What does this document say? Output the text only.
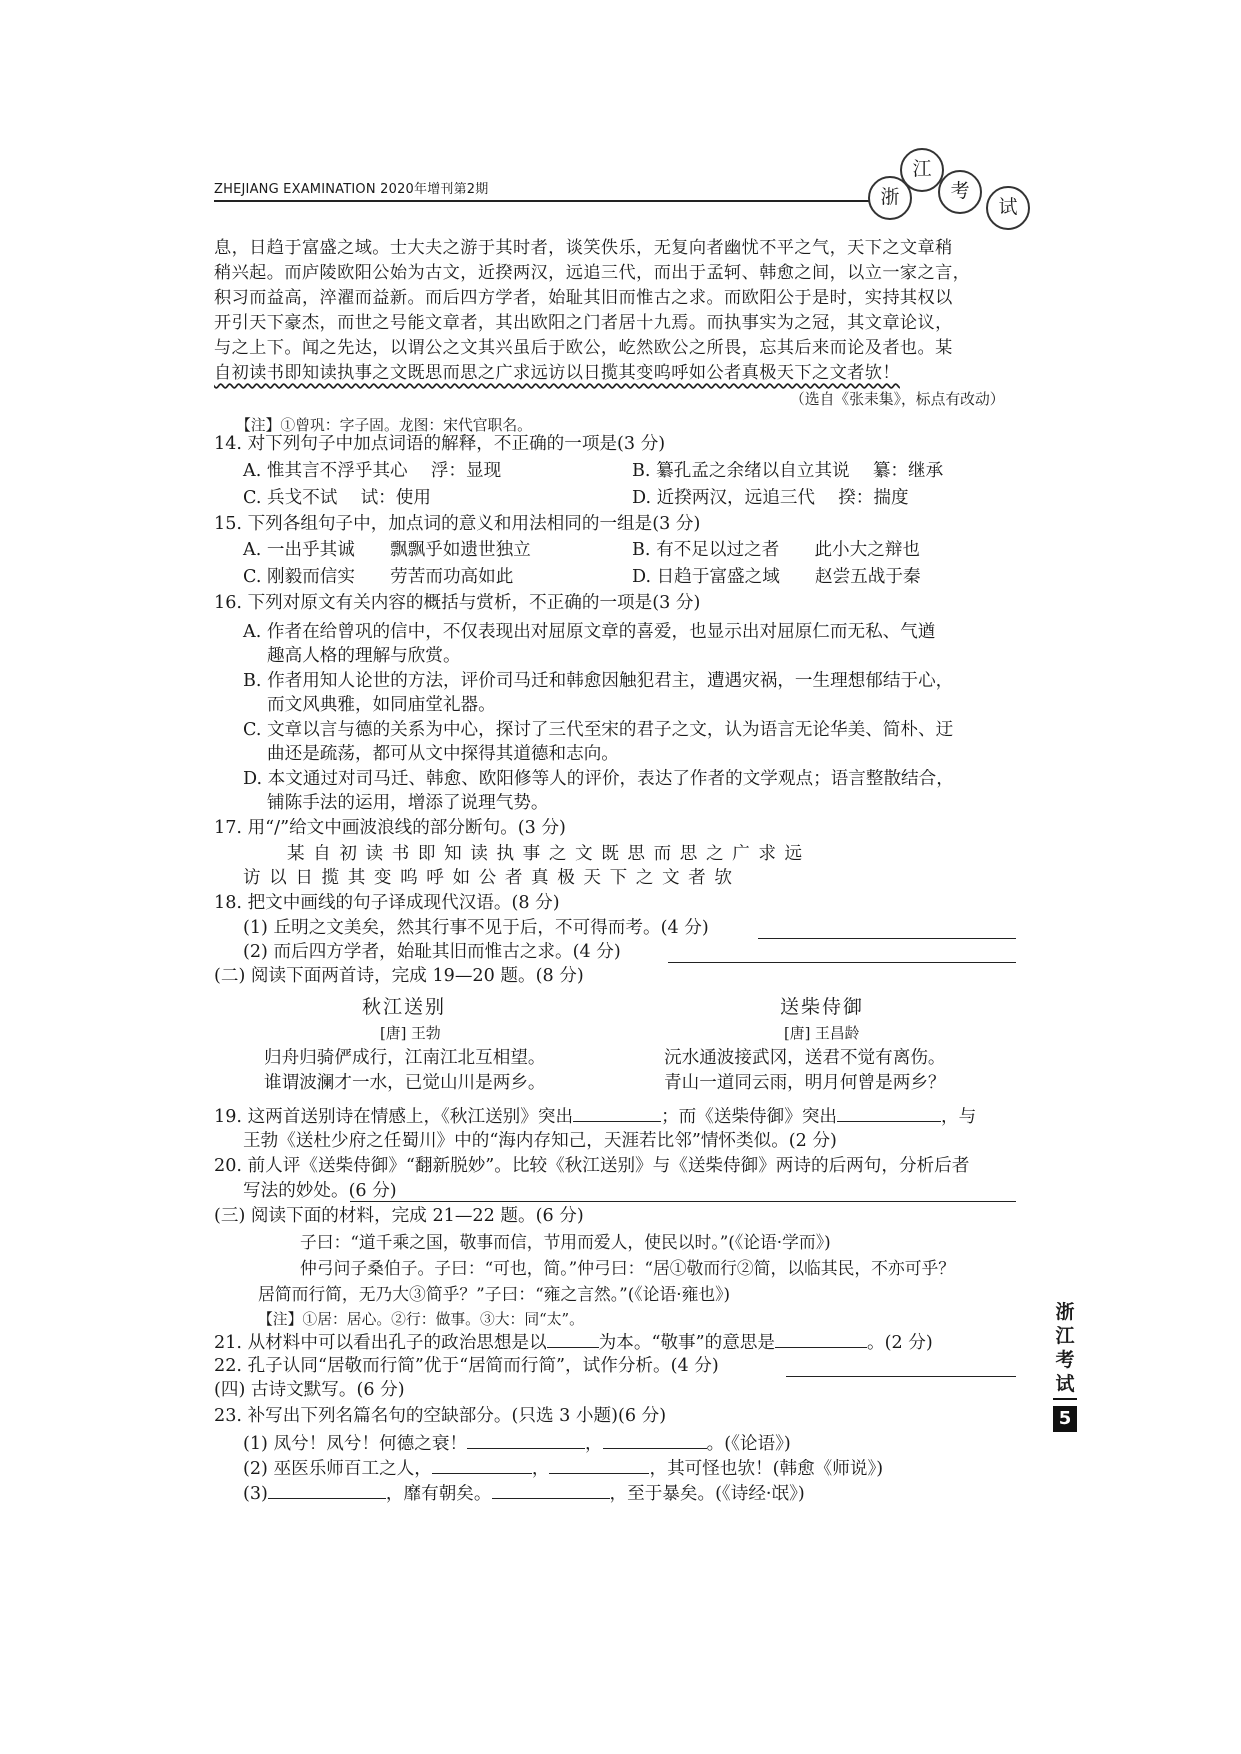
ZHEJIANG EXAMINATION 2020年增刊第2期	浙
江
考
试
息，日趋于富盛之域。士大夫之游于其时者，谈笑佚乐，无复向者幽忧不平之气，天下之文章稍
稍兴起。而庐陵欧阳公始为古文，近揆两汉，远追三代，而出于孟轲、韩愈之间，以立一家之言，
积习而益高，淬濯而益新。而后四方学者，始耻其旧而惟古之求。而欧阳公于是时，实持其权以
开引天下豪杰，而世之号能文章者，其出欧阳之门者居十九焉。而执事实为之冠，其文章论议，
与之上下。闻之先达，以谓公之文其兴虽后于欧公，屹然欧公之所畏，忘其后来而论及者也。某
自初读书即知读执事之文既思而思之广求远访以日揽其变呜呼如公者真极天下之文者欤！
（选自《张耒集》，标点有改动）
【注】①曾巩：字子固。龙图：宋代官职名。
14. 对下列句子中加点词语的解释，不正确的一项是(3 分)
A. 惟其言不浮乎其心　 浮：显现	B. 纂孔孟之余绪以自立其说　 纂：继承
C. 兵戈不试　 试：使用	D. 近揆两汉，远追三代　 揆：揣度
15. 下列各组句子中，加点词的意义和用法相同的一组是(3 分)
A. 一出乎其诚　　飘飘乎如遗世独立	B. 有不足以过之者　　此小大之辩也
C. 刚毅而信实　　劳苦而功高如此	D. 日趋于富盛之域　　赵尝五战于秦
16. 下列对原文有关内容的概括与赏析，不正确的一项是(3 分)
A. 作者在给曾巩的信中，不仅表现出对屈原文章的喜爱，也显示出对屈原仁而无私、气遒
趣高人格的理解与欣赏。
B. 作者用知人论世的方法，评价司马迁和韩愈因触犯君主，遭遇灾祸，一生理想郁结于心，
而文风典雅，如同庙堂礼器。
C. 文章以言与德的关系为中心，探讨了三代至宋的君子之文，认为语言无论华美、简朴、迂
曲还是疏荡，都可从文中探得其道德和志向。
D. 本文通过对司马迁、韩愈、欧阳修等人的评价，表达了作者的文学观点；语言整散结合，
铺陈手法的运用，增添了说理气势。
17. 用“/”给文中画波浪线的部分断句。(3 分)
某 自 初 读 书 即 知 读 执 事 之 文 既 思 而 思 之 广 求 远
访 以 日 揽 其 变 呜 呼 如 公 者 真 极 天 下 之 文 者 欤
18. 把文中画线的句子译成现代汉语。(8 分)
(1) 丘明之文美矣，然其行事不见于后，不可得而考。(4 分)
(2) 而后四方学者，始耻其旧而惟古之求。(4 分)
(二) 阅读下面两首诗，完成 19—20 题。(8 分)
秋江送别	送柴侍御
[唐] 王勃	[唐] 王昌龄
归舟归骑俨成行，江南江北互相望。
谁谓波澜才一水，已觉山川是两乡。
沅水通波接武冈，送君不觉有离伤。
青山一道同云雨，明月何曾是两乡？
19. 这两首送别诗在情感上，《秋江送别》突出	；而《送柴侍御》突出	，与
王勃《送杜少府之任蜀川》中的“海内存知己，天涯若比邻”情怀类似。(2 分)
20. 前人评《送柴侍御》“翻新脱妙”。比较《秋江送别》与《送柴侍御》两诗的后两句，分析后者
写法的妙处。(6 分)
(三) 阅读下面的材料，完成 21—22 题。(6 分)
子曰：“道千乘之国，敬事而信，节用而爱人，使民以时。”(《论语·学而》)
仲弓问子桑伯子。子曰：“可也，简。”仲弓曰：“居①敬而行②简，以临其民，不亦可乎？
居简而行简，无乃大③简乎？”子曰：“雍之言然。”(《论语·雍也》)
【注】①居：居心。②行：做事。③大：同“太”。
21. 从材料中可以看出孔子的政治思想是以	为本。“敬事”的意思是	。(2 分)
22. 孔子认同“居敬而行简”优于“居简而行简”，试作分析。(4 分)
(四) 古诗文默写。(6 分)
23. 补写出下列名篇名句的空缺部分。(只选 3 小题)(6 分)
(1) 凤兮！凤兮！何德之衰！	，	。(《论语》)
(2) 巫医乐师百工之人，	，	，其可怪也欤！(韩愈《师说》)
(3)	，靡有朝矣。	，至于暴矣。(《诗经·氓》)
浙江考试
5
